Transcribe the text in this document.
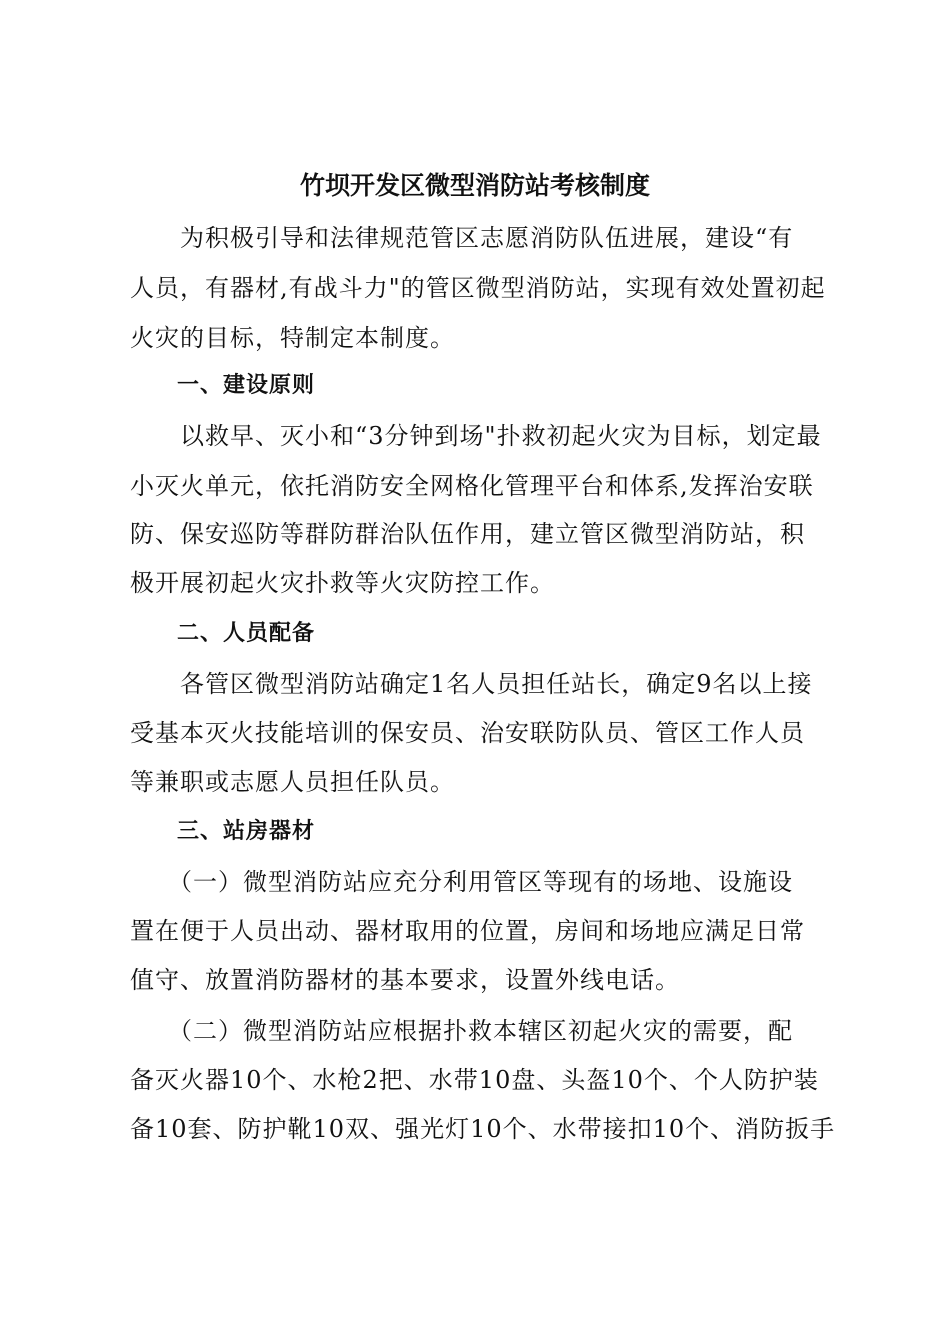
竹坝开发区微型消防站考核制度
　　为积极引导和法律规范管区志愿消防队伍进展，建设“有
人员，有器材,有战斗力"的管区微型消防站，实现有效处置初起
火灾的目标，特制定本制度。
一、建设原则
　　以救早、灭小和“3分钟到场"扑救初起火灾为目标，划定最
小灭火单元，依托消防安全网格化管理平台和体系,发挥治安联
防、保安巡防等群防群治队伍作用，建立管区微型消防站，积
极开展初起火灾扑救等火灾防控工作。
二、人员配备
　　各管区微型消防站确定1名人员担任站长，确定9名以上接
受基本灭火技能培训的保安员、治安联防队员、管区工作人员
等兼职或志愿人员担任队员。
三、站房器材
　　（一）微型消防站应充分利用管区等现有的场地、设施设
置在便于人员出动、器材取用的位置，房间和场地应满足日常
值守、放置消防器材的基本要求，设置外线电话。
　　（二）微型消防站应根据扑救本辖区初起火灾的需要，配
备灭火器10个、水枪2把、水带10盘、头盔10个、个人防护装
备10套、防护靴10双、强光灯10个、水带接扣10个、消防扳手
